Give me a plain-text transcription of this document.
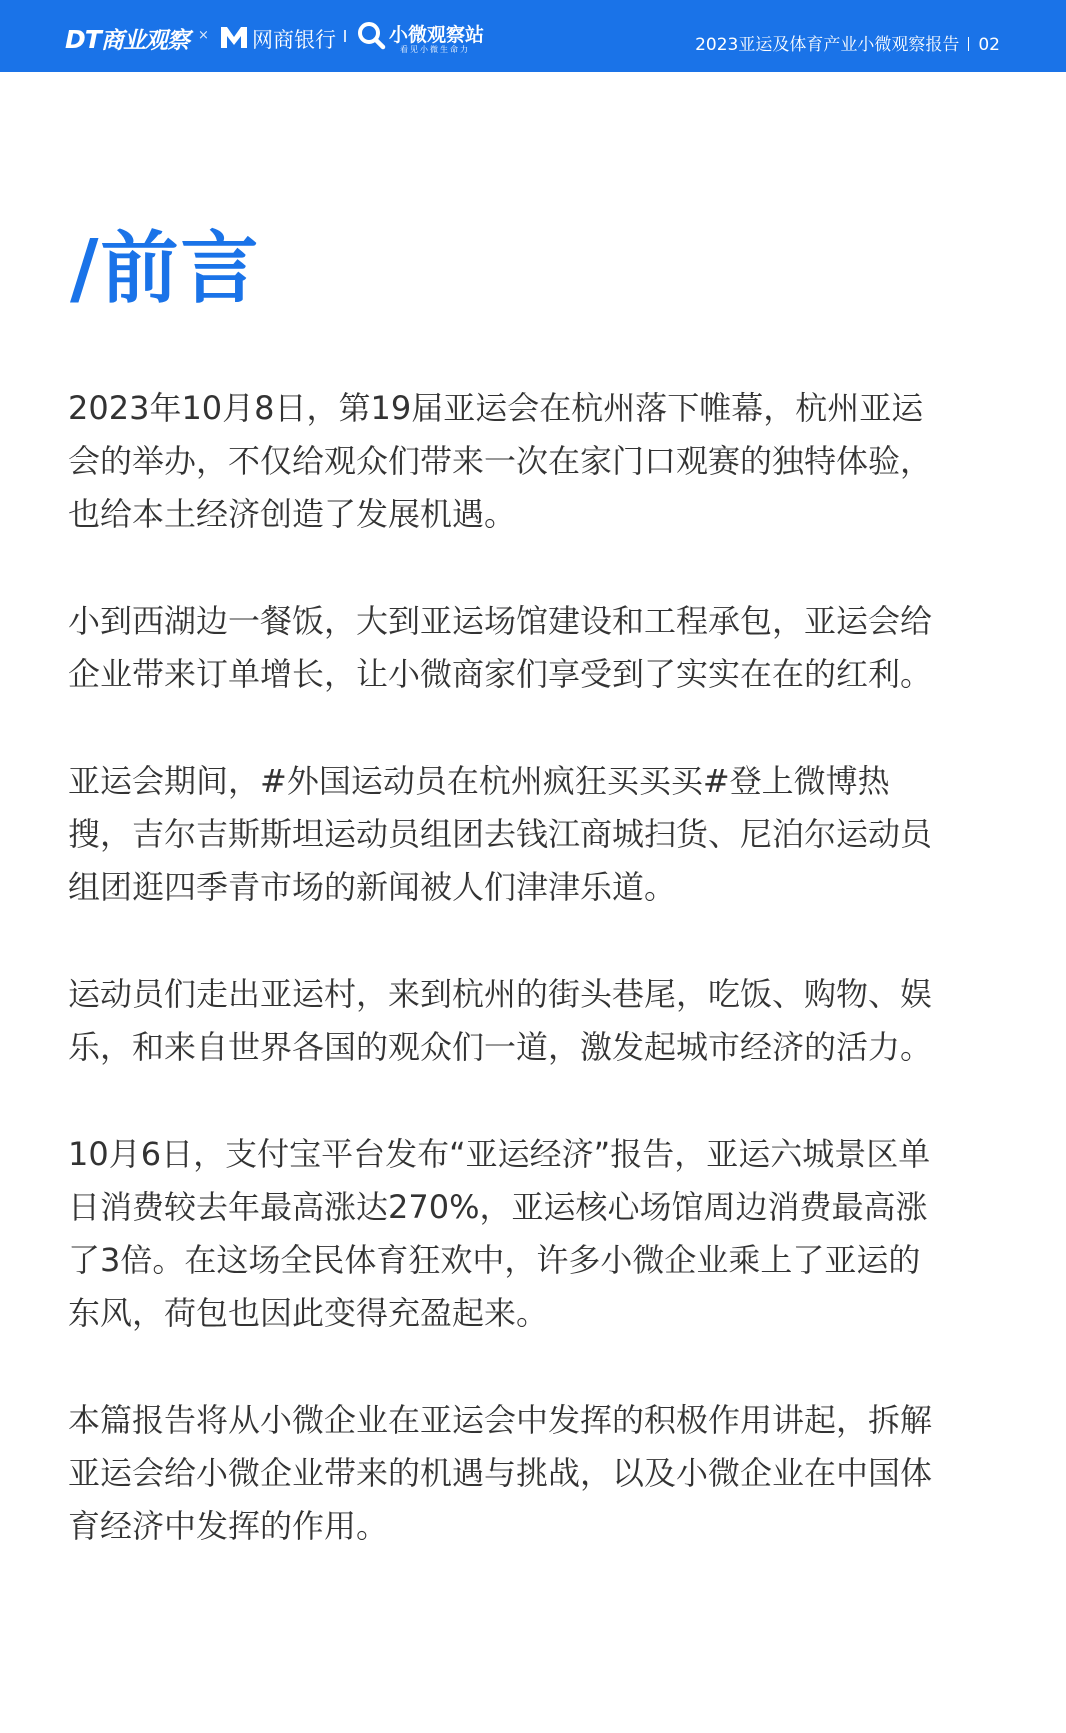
DT商业观察 × 网商银行	小微观察站
看见小微生命力	2023亚运及体育产业小微观察报告 02
/前言

2023年10月8日，第19届亚运会在杭州落下帷幕，杭州亚运会的举办，不仅给观众们带来一次在家门口观赛的独特体验，也给本土经济创造了发展机遇。

小到西湖边一餐饭，大到亚运场馆建设和工程承包，亚运会给企业带来订单增长，让小微商家们享受到了实实在在的红利。

亚运会期间，#外国运动员在杭州疯狂买买买#登上微博热搜，吉尔吉斯斯坦运动员组团去钱江商城扫货、尼泊尔运动员组团逛四季青市场的新闻被人们津津乐道。

运动员们走出亚运村，来到杭州的街头巷尾，吃饭、购物、娱乐，和来自世界各国的观众们一道，激发起城市经济的活力。

10月6日，支付宝平台发布“亚运经济”报告，亚运六城景区单日消费较去年最高涨达270%，亚运核心场馆周边消费最高涨了3倍。在这场全民体育狂欢中，许多小微企业乘上了亚运的东风，荷包也因此变得充盈起来。

本篇报告将从小微企业在亚运会中发挥的积极作用讲起，拆解亚运会给小微企业带来的机遇与挑战，以及小微企业在中国体育经济中发挥的作用。
